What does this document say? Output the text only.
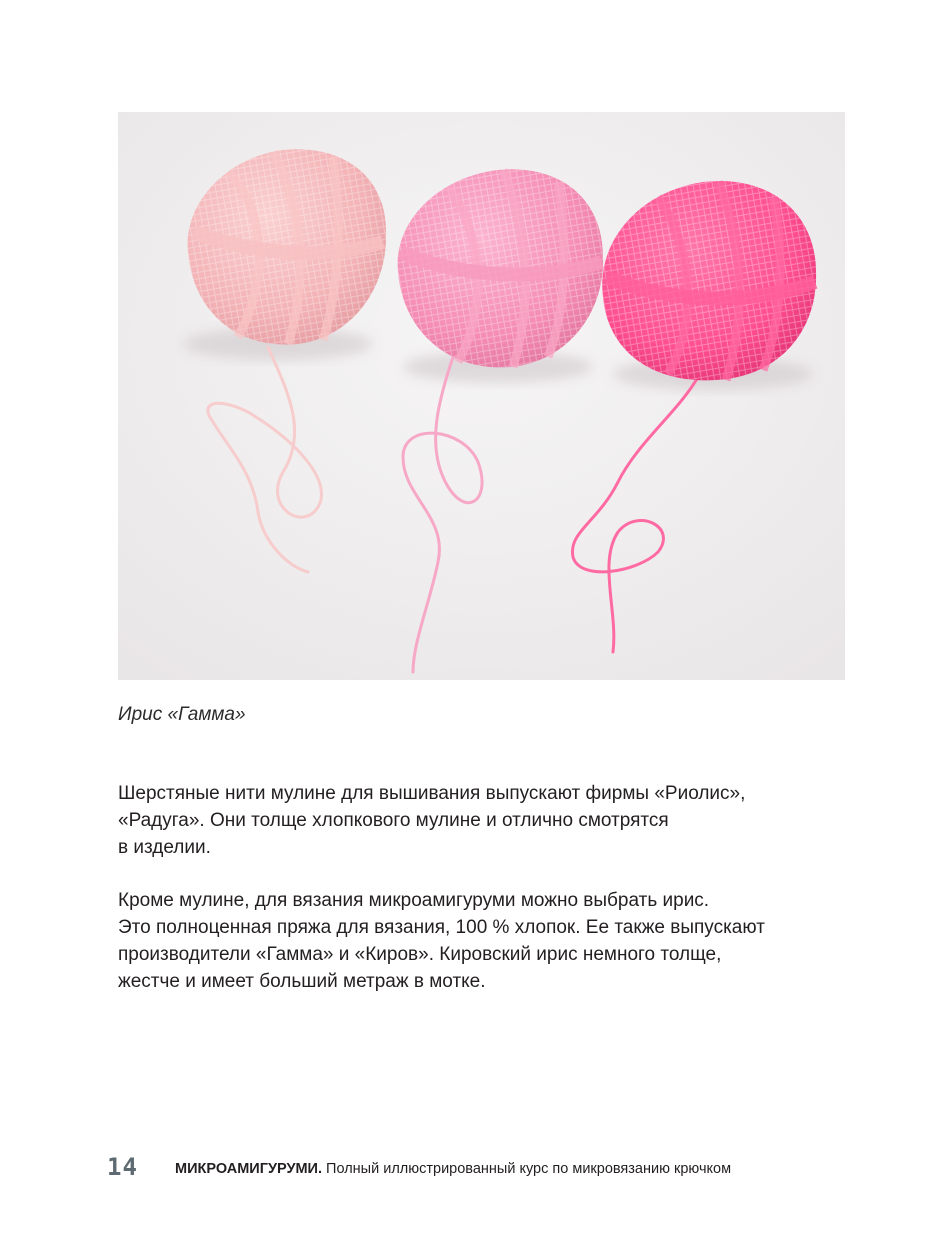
Ирис «Гамма»
Шерстяные нити мулине для вышивания выпускают фирмы «Риолис»,
«Радуга». Они толще хлопкового мулине и отлично смотрятся
в изделии.
Кроме мулине, для вязания микроамигуруми можно выбрать ирис.
Это полноценная пряжа для вязания, 100 % хлопок. Ее также выпускают
производители «Гамма» и «Киров». Кировский ирис немного толще,
жестче и имеет больший метраж в мотке.
14	МИКРОАМИГУРУМИ. Полный иллюстрированный курс по микровязанию крючком
